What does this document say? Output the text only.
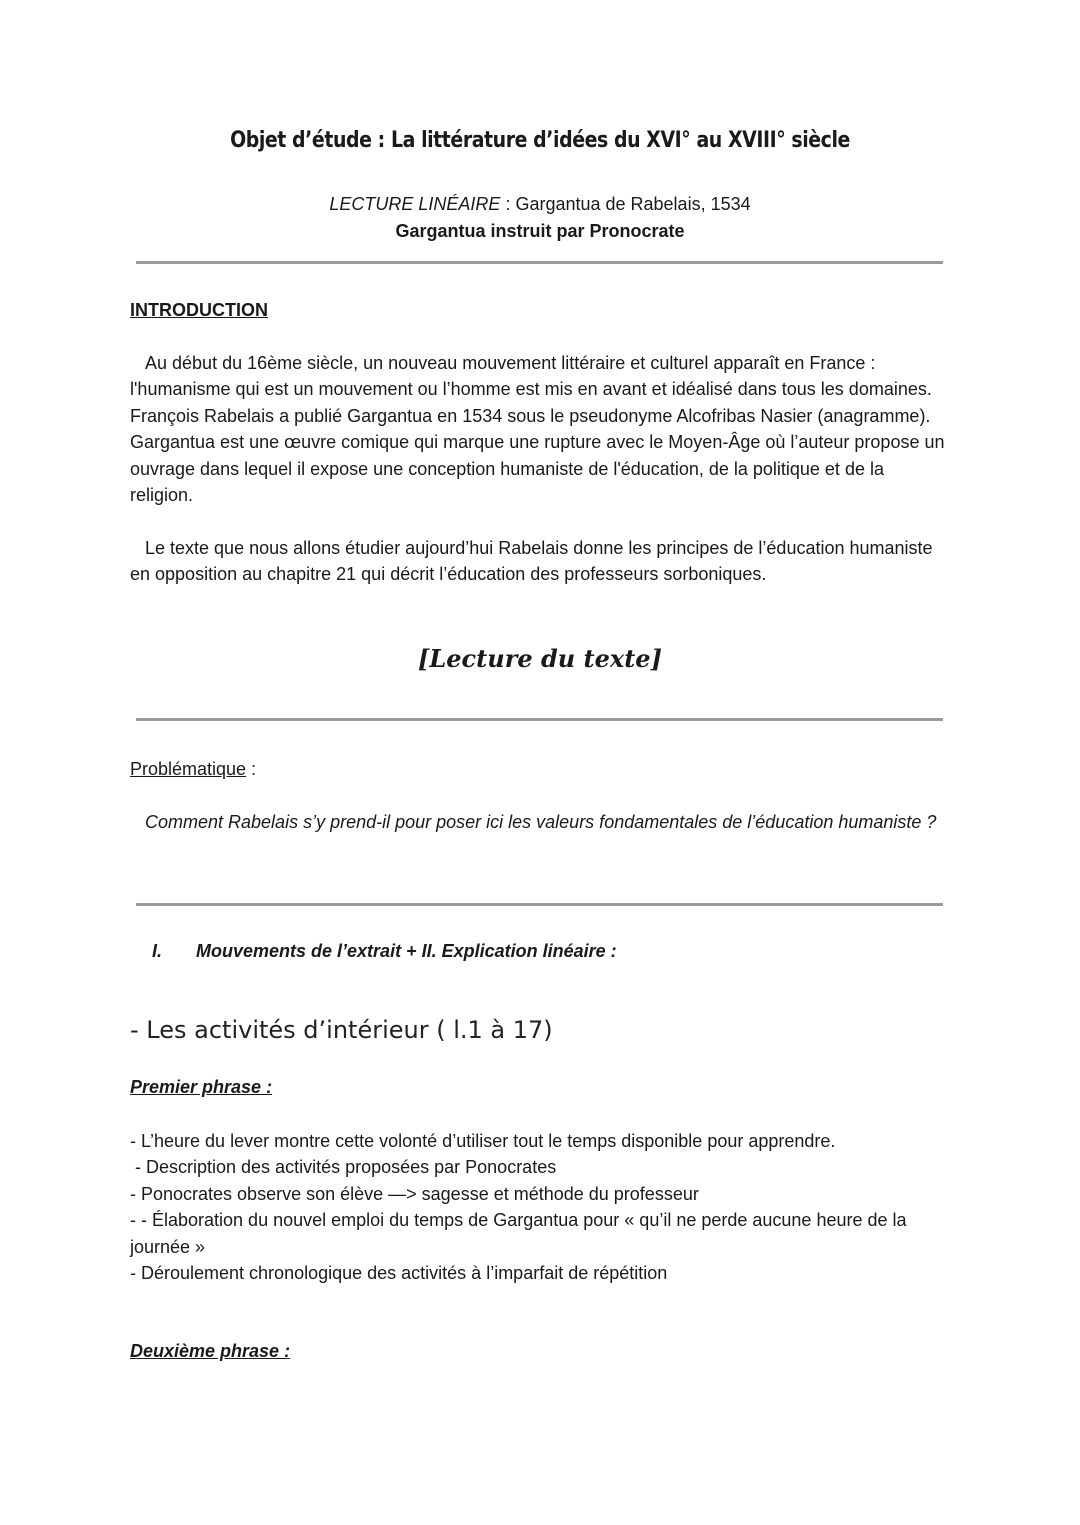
Objet d’étude : La littérature d’idées du XVI° au XVIII° siècle
LECTURE LINÉAIRE : Gargantua de Rabelais, 1534
Gargantua instruit par Pronocrate
INTRODUCTION

Au début du 16ème siècle, un nouveau mouvement littéraire et culturel apparaît en France : l'humanisme qui est un mouvement ou l’homme est mis en avant et idéalisé dans tous les domaines. François Rabelais a publié Gargantua en 1534 sous le pseudonyme Alcofribas Nasier (anagramme). Gargantua est une œuvre comique qui marque une rupture avec le Moyen-Âge où l’auteur propose un ouvrage dans lequel il expose une conception humaniste de l'éducation, de la politique et de la religion.

Le texte que nous allons étudier aujourd’hui Rabelais donne les principes de l’éducation humaniste en opposition au chapitre 21 qui décrit l’éducation des professeurs sorboniques.

[Lecture du texte]
Problématique :

Comment Rabelais s’y prend-il pour poser ici les valeurs fondamentales de l’éducation humaniste ?

I. Mouvements de l’extrait + II. Explication linéaire :
- Les activités d’intérieur ( l.1 à 17)
Premier phrase :
- L’heure du lever montre cette volonté d’utiliser tout le temps disponible pour apprendre.
- Description des activités proposées par Ponocrates
- Ponocrates observe son élève —> sagesse et méthode du professeur
- - Élaboration du nouvel emploi du temps de Gargantua pour « qu’il ne perde aucune heure de la journée »
- Déroulement chronologique des activités à l’imparfait de répétition
Deuxième phrase :
